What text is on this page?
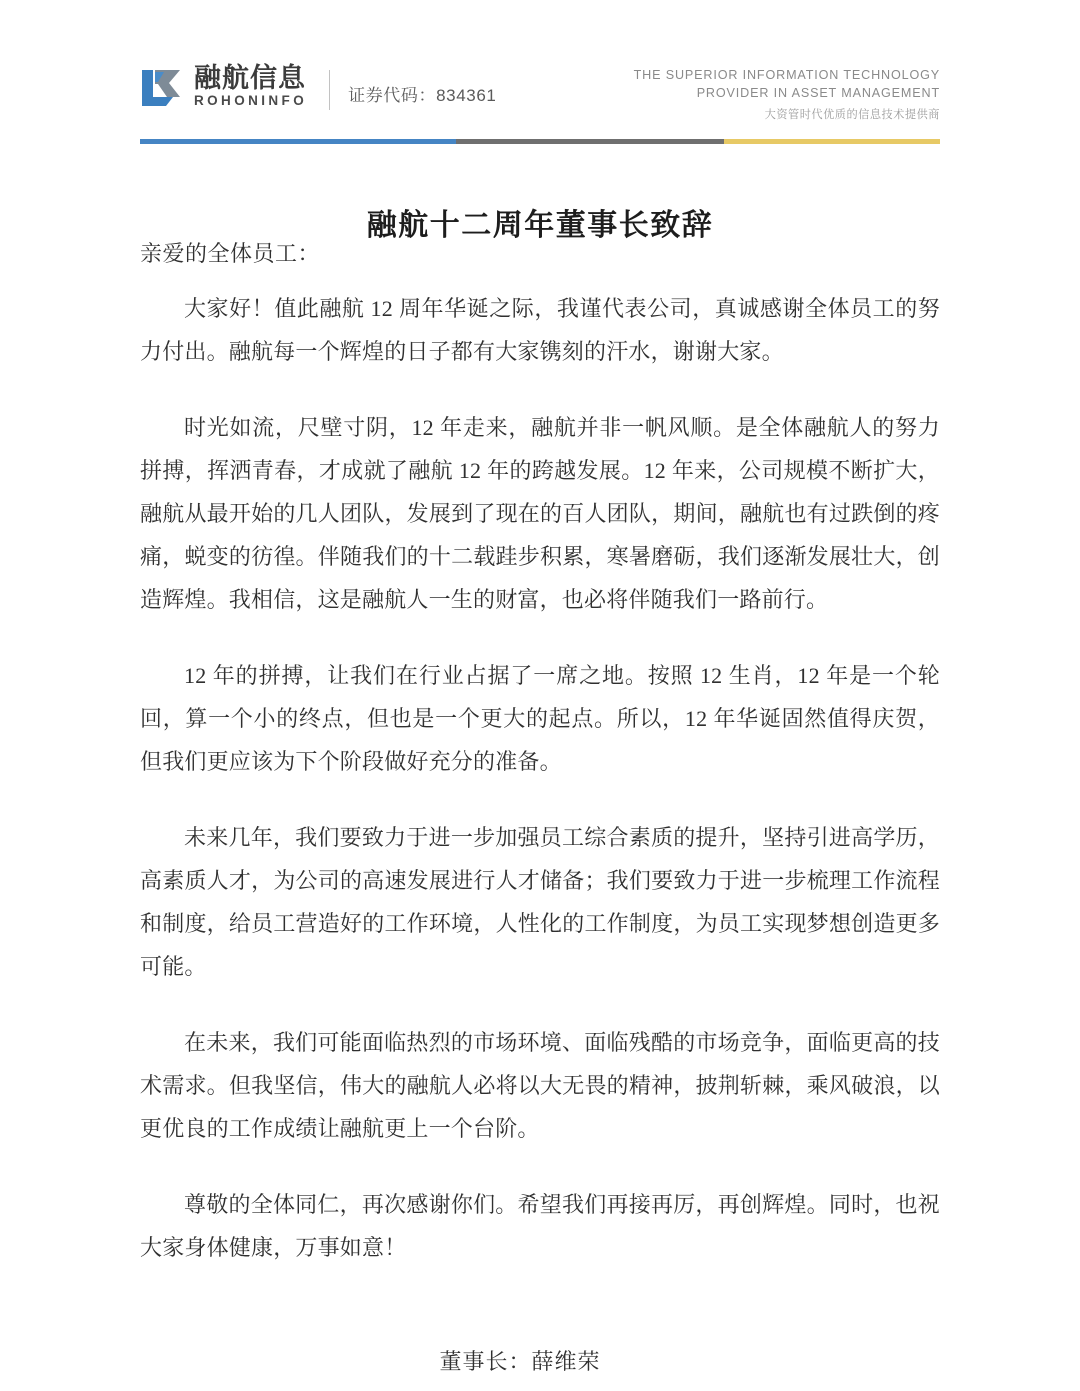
融航信息
ROHONINFO 证券代码：834361
THE SUPERIOR INFORMATION TECHNOLOGY
PROVIDER IN ASSET MANAGEMENT
大资管时代优质的信息技术提供商
融航十二周年董事长致辞
亲爱的全体员工：

大家好！值此融航 12 周年华诞之际，我谨代表公司，真诚感谢全体员工的努力付出。融航每一个辉煌的日子都有大家镌刻的汗水，谢谢大家。

时光如流，尺壁寸阴，12 年走来，融航并非一帆风顺。是全体融航人的努力拼搏，挥洒青春，才成就了融航 12 年的跨越发展。12 年来，公司规模不断扩大，融航从最开始的几人团队，发展到了现在的百人团队，期间，融航也有过跌倒的疼痛，蜕变的彷徨。伴随我们的十二载跬步积累，寒暑磨砺，我们逐渐发展壮大，创造辉煌。我相信，这是融航人一生的财富，也必将伴随我们一路前行。

12 年的拼搏，让我们在行业占据了一席之地。按照 12 生肖，12 年是一个轮回，算一个小的终点，但也是一个更大的起点。所以，12 年华诞固然值得庆贺，但我们更应该为下个阶段做好充分的准备。

未来几年，我们要致力于进一步加强员工综合素质的提升，坚持引进高学历，高素质人才，为公司的高速发展进行人才储备；我们要致力于进一步梳理工作流程和制度，给员工营造好的工作环境，人性化的工作制度，为员工实现梦想创造更多可能。

在未来，我们可能面临热烈的市场环境、面临残酷的市场竞争，面临更高的技术需求。但我坚信，伟大的融航人必将以大无畏的精神，披荆斩棘，乘风破浪，以更优良的工作成绩让融航更上一个台阶。

尊敬的全体同仁，再次感谢你们。希望我们再接再厉，再创辉煌。同时，也祝大家身体健康，万事如意！

董事长：薛维荣
